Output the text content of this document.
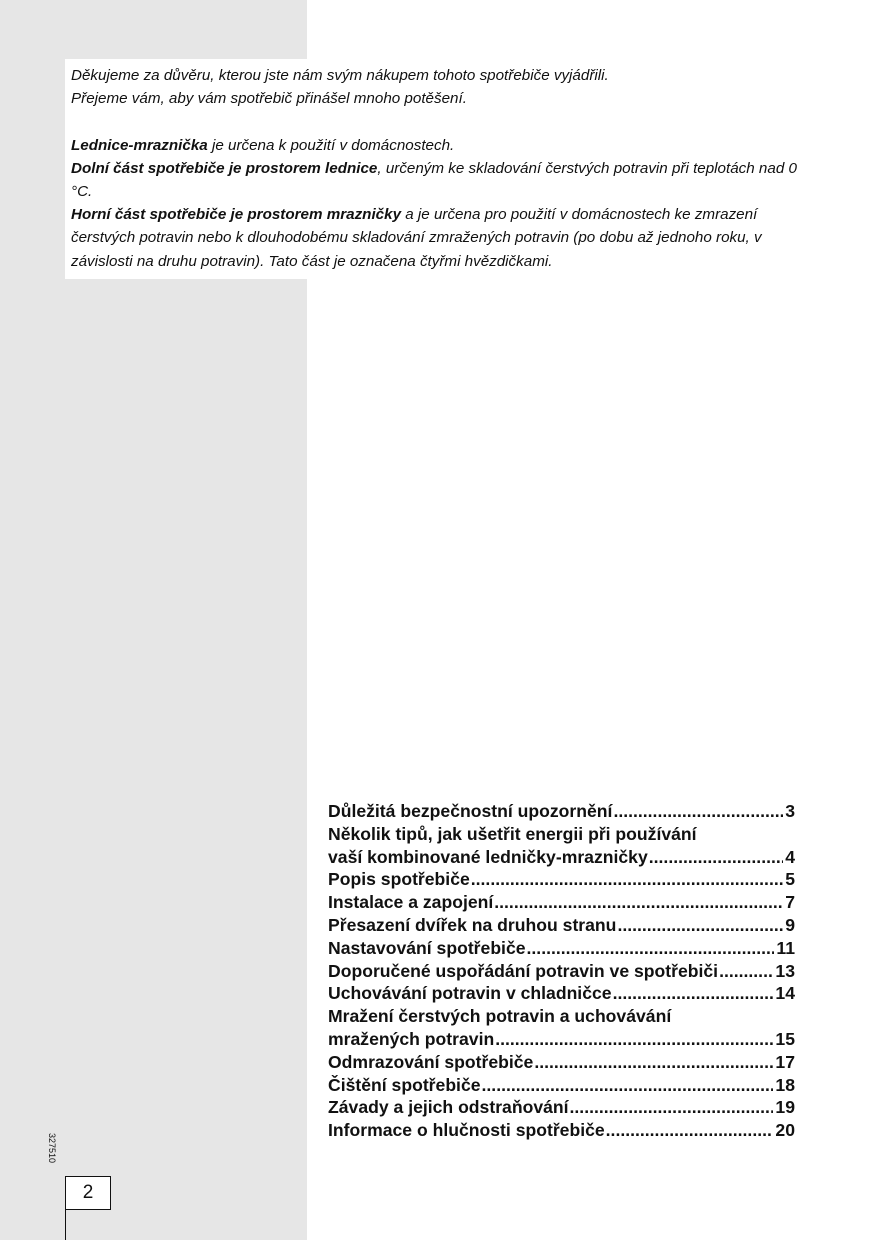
Děkujeme za důvěru, kterou jste nám svým nákupem tohoto spotřebiče vyjádřili.

Přejeme vám, aby vám spotřebič přinášel mnoho potěšení.

Lednice-mraznička je určena k použití v domácnostech.

Dolní část spotřebiče je prostorem lednice, určeným ke skladování čerstvých potravin při teplotách nad 0 °C.

Horní část spotřebiče je prostorem mrazničky a je určena pro použití v domácnostech ke zmrazení čerstvých potravin nebo k dlouhodobému skladování zmražených potravin (po dobu až jednoho roku, v závislosti na druhu potravin). Tato část je označena čtyřmi hvězdičkami.

Důležitá bezpečnostní upozornění .....	3
Několik tipů, jak ušetřit energii při používání
vaší kombinované ledničky-mrazničky .....	4
Popis spotřebiče .....	5
Instalace a zapojení .....	7
Přesazení dvířek na druhou stranu .....	9
Nastavování spotřebiče .....	11
Doporučené uspořádání potravin ve spotřebiči .....	13
Uchovávání potravin v chladničce .....	14
Mražení čerstvých potravin a uchovávání
mražených potravin .....	15
Odmrazování spotřebiče .....	17
Čištění spotřebiče .....	18
Závady a jejich odstraňování .....	19
Informace o hlučnosti spotřebiče .....	20
327510
2
